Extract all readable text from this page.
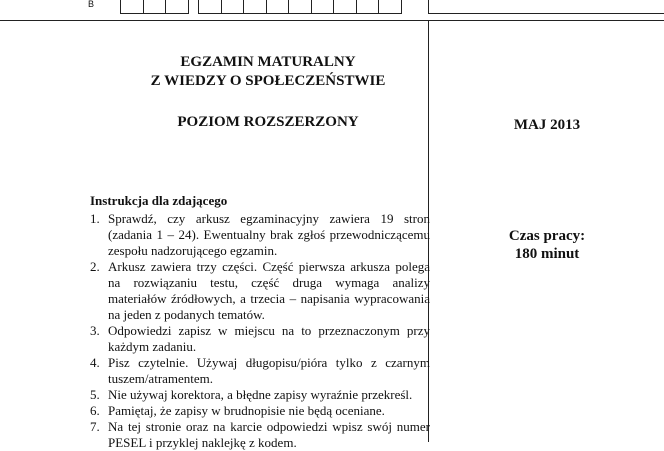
B
EGZAMIN MATURALNY
Z WIEDZY O SPOŁECZEŃSTWIE
POZIOM ROZSZERZONY	MAJ 2013
Czas pracy:
180 minut
Instrukcja dla zdającego
1. Sprawdź, czy arkusz egzaminacyjny zawiera 19 stron (zadania 1 – 24). Ewentualny brak zgłoś przewodniczącemu zespołu nadzorującego egzamin.
2. Arkusz zawiera trzy części. Część pierwsza arkusza polega na rozwiązaniu testu, część druga wymaga analizy materiałów źródłowych, a trzecia – napisania wypracowania na jeden z podanych tematów.
3. Odpowiedzi zapisz w miejscu na to przeznaczonym przy każdym zadaniu.
4. Pisz czytelnie. Używaj długopisu/pióra tylko z czarnym tuszem/atramentem.
5. Nie używaj korektora, a błędne zapisy wyraźnie przekreśl.
6. Pamiętaj, że zapisy w brudnopisie nie będą oceniane.
7. Na tej stronie oraz na karcie odpowiedzi wpisz swój numer PESEL i przyklej naklejkę z kodem.
